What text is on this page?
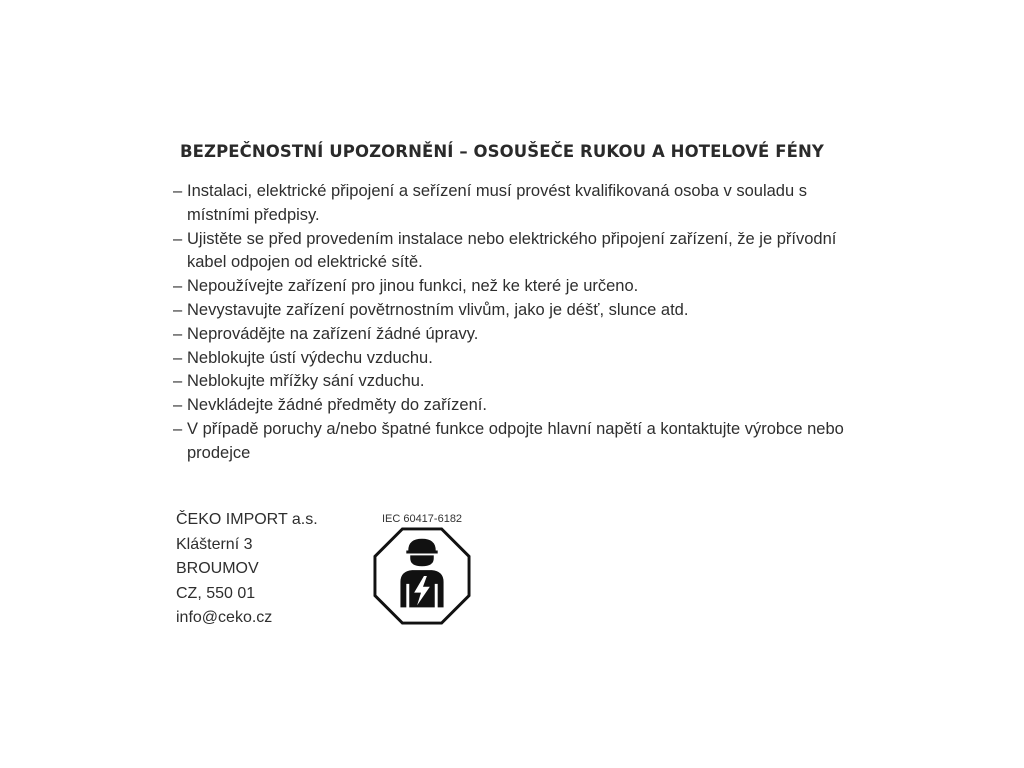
BEZPEČNOSTNÍ UPOZORNĚNÍ – OSOUŠEČE RUKOU A HOTELOVÉ FÉNY
– Instalaci, elektrické připojení a seřízení musí provést kvalifikovaná osoba v souladu s místními předpisy.
– Ujistěte se před provedením instalace nebo elektrického připojení zařízení, že je přívodní kabel odpojen od elektrické sítě.
– Nepoužívejte zařízení pro jinou funkci, než ke které je určeno.
– Nevystavujte zařízení povětrnostním vlivům, jako je déšť, slunce atd.
– Neprovádějte na zařízení žádné úpravy.
– Neblokujte ústí výdechu vzduchu.
– Neblokujte mřížky sání vzduchu.
– Nevkládejte žádné předměty do zařízení.
– V případě poruchy a/nebo špatné funkce odpojte hlavní napětí a kontaktujte výrobce nebo prodejce
ČEKO IMPORT a.s.
Klášterní 3
BROUMOV
CZ, 550 01
info@ceko.cz
IEC 60417-6182
